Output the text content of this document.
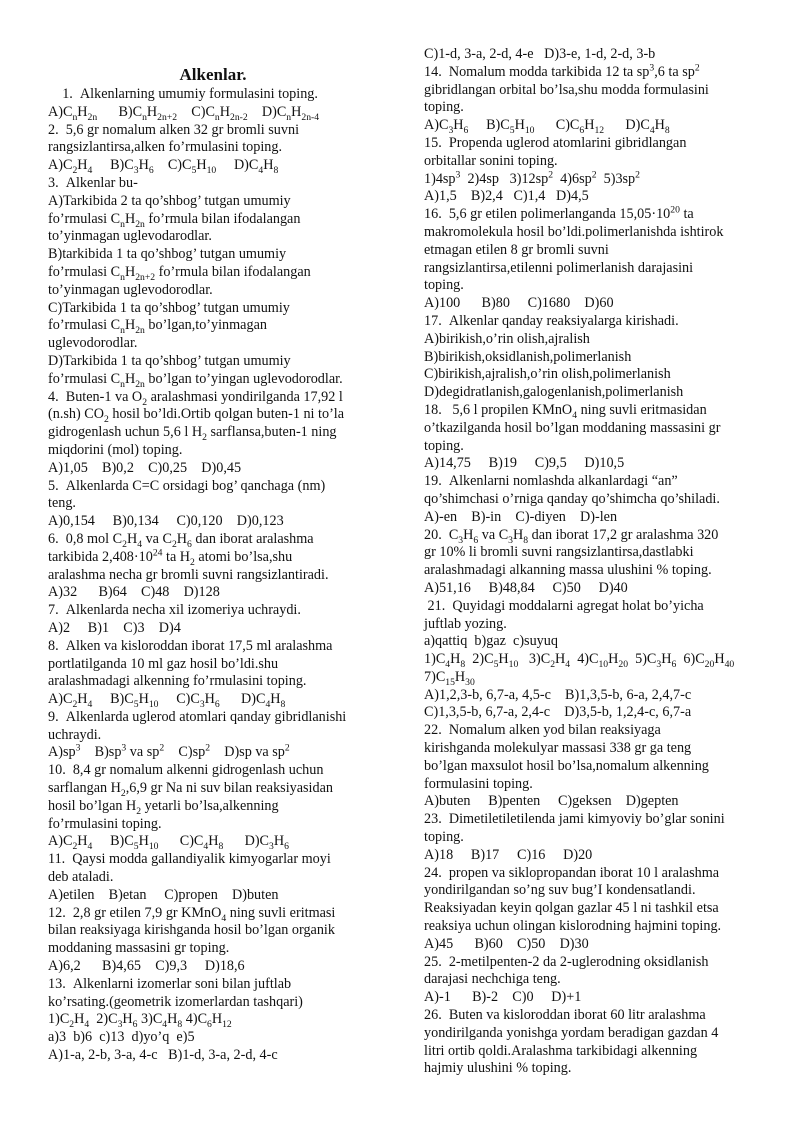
Alkenlar.
1.  Alkenlarning umumiy formulasini toping.
$A)C_nH_{2n}$      $B)C_nH_{2n+2}$    $C)C_nH_{2n-2}$    $D)C_nH_{2n-4}$
2.  5,6 gr nomalum alken 32 gr bromli suvni
rangsizlantirsa,alken fo’rmulasini toping.
$A)C_2H_4$     $B)C_3H_6$    $C)C_5H_{10}$     $D)C_4H_8$
3.  Alkenlar bu-
A)Tarkibida 2 ta qo’shbog’ tutgan umumiy
fo’rmulasi $C_nH_{2n}$ fo’rmula bilan ifodalangan
to’yinmagan uglevodarodlar.
B)tarkibida 1 ta qo’shbog’ tutgan umumiy
fo’rmulasi $C_nH_{2n+2}$ fo’rmula bilan ifodalangan
to’yinmagan uglevodorodlar.
C)Tarkibida 1 ta qo’shbog’ tutgan umumiy
fo’rmulasi $C_nH_{2n}$ bo’lgan,to’yinmagan
uglevodorodlar.
D)Tarkibida 1 ta qo’shbog’ tutgan umumiy
fo’rmulasi $C_nH_{2n}$ bo’lgan to’yingan uglevodorodlar.
4.  Buten-1 va $O_2$ aralashmasi yondirilganda 17,92 l
(n.sh) $CO_2$ hosil bo’ldi.Ortib qolgan buten-1 ni to’la
gidrogenlash uchun 5,6 l $H_2$ sarflansa,buten-1 ning
miqdorini (mol) toping.
A)1,05    B)0,2    C)0,25    D)0,45
5.  Alkenlarda C=C orsidagi bog’ qanchaga (nm)
teng.
A)0,154     B)0,134     C)0,120    D)0,123
6.  0,8 mol $C_2H_4$ va $C_2H_6$ dan iborat aralashma
tarkibida $2,408\cdot 10^{24}$ ta $H_2$ atomi bo’lsa,shu
aralashma necha gr bromli suvni rangsizlantiradi.
A)32      B)64    C)48    D)128
7.  Alkenlarda necha xil izomeriya uchraydi.
A)2     B)1    C)3    D)4
8.  Alken va kisloroddan iborat 17,5 ml aralashma
portlatilganda 10 ml gaz hosil bo’ldi.shu
aralashmadagi alkenning fo’rmulasini toping.
$A)C_2H_4$     $B)C_5H_{10}$     $C)C_3H_6$      $D)C_4H_8$
9.  Alkenlarda uglerod atomlari qanday gibridlanishi
uchraydi.
$A)sp^3$    $B)sp^3$ va $sp^2$    $C)sp^2$    D)sp va $sp^2$
10.  8,4 gr nomalum alkenni gidrogenlash uchun
sarflangan $H_2,6,9$ gr Na ni suv bilan reaksiyasidan
hosil bo’lgan $H_2$ yetarli bo’lsa,alkenning
fo’rmulasini toping.
$A)C_2H_4$     $B)C_5H_{10}$      $C)C_4H_8$      $D)C_3H_6$
11.  Qaysi modda gallandiyalik kimyogarlar moyi
deb ataladi.
A)etilen    B)etan     C)propen    D)buten
12.  2,8 gr etilen 7,9 gr KMnO$_4$ ning suvli eritmasi
bilan reaksiyaga kirishganda hosil bo’lgan organik
moddaning massasini gr toping.
A)6,2      B)4,65    C)9,3     D)18,6
13.  Alkenlarni izomerlar soni bilan juftlab
ko’rsating.(geometrik izomerlardan tashqari)
$1)C_2H_4$  $2)C_3H_6$ $3)C_4H_8$ $4)C_6H_{12}$
a)3  b)6  c)13  d)yo’q  e)5
A)1-a, 2-b, 3-a, 4-c   B)1-d, 3-a, 2-d, 4-c
C)1-d, 3-a, 2-d, 4-e   D)3-e, 1-d, 2-d, 3-b
14.  Nomalum modda tarkibida 12 ta $sp^3,6$ ta $sp^2$
gibridlangan orbital bo’lsa,shu modda formulasini
toping.
$A)C_3H_6$     $B)C_5H_{10}$      $C)C_6H_{12}$      $D)C_4H_8$
15.  Propenda uglerod atomlarini gibridlangan
orbitallar sonini toping.
$1)4sp^3$  2)4sp   $3)12sp^2$  $4)6sp^2$  $5)3sp^2$
A)1,5    B)2,4   C)1,4   D)4,5
16.  5,6 gr etilen polimerlanganda $15,05\cdot 10^{20}$ ta
makromolekula hosil bo’ldi.polimerlanishda ishtirok
etmagan etilen 8 gr bromli suvni
rangsizlantirsa,etilenni polimerlanish darajasini
toping.
A)100      B)80     C)1680    D)60
17.  Alkenlar qanday reaksiyalarga kirishadi.
A)birikish,o’rin olish,ajralish
B)birikish,oksidlanish,polimerlanish
C)birikish,ajralish,o’rin olish,polimerlanish
D)degidratlanish,galogenlanish,polimerlanish
18.   5,6 l propilen KMnO$_4$ ning suvli eritmasidan
o’tkazilganda hosil bo’lgan moddaning massasini gr
toping.
A)14,75     B)19     C)9,5     D)10,5
19.  Alkenlarni nomlashda alkanlardagi “an”
qo’shimchasi o’rniga qanday qo’shimcha qo’shiladi.
A)-en    B)-in    C)-diyen    D)-len
20.  $C_3H_6$ va $C_3H_8$ dan iborat 17,2 gr aralashma 320
gr 10% li bromli suvni rangsizlantirsa,dastlabki
aralashmadagi alkanning massa ulushini % toping.
A)51,16     B)48,84     C)50     D)40
21.  Quyidagi moddalarni agregat holat bo’yicha
juftlab yozing.
a)qattiq  b)gaz  c)suyuq
$1)C_4H_8$  $2)C_5H_{10}$   $3)C_2H_4$  $4)C_{10}H_{20}$  $5)C_3H_6$  $6)C_{20}H_{40}$
$7)C_{15}H_{30}$
A)1,2,3-b, 6,7-a, 4,5-c    B)1,3,5-b, 6-a, 2,4,7-c
C)1,3,5-b, 6,7-a, 2,4-c    D)3,5-b, 1,2,4-c, 6,7-a
22.  Nomalum alken yod bilan reaksiyaga
kirishganda molekulyar massasi 338 gr ga teng
bo’lgan maxsulot hosil bo’lsa,nomalum alkenning
formulasini toping.
A)buten     B)penten     C)geksen    D)gepten
23.  Dimetiletiletilenda jami kimyoviy bo’glar sonini
toping.
A)18     B)17     C)16     D)20
24.  propen va siklopropandan iborat 10 l aralashma
yondirilgandan so’ng suv bug’I kondensatlandi.
Reaksiyadan keyin qolgan gazlar 45 l ni tashkil etsa
reaksiya uchun olingan kislorodning hajmini toping.
A)45      B)60    C)50    D)30
25.  2-metilpenten-2 da 2-uglerodning oksidlanish
darajasi nechchiga teng.
A)-1      B)-2    C)0     D)+1
26.  Buten va kisloroddan iborat 60 litr aralashma
yondirilganda yonishga yordam beradigan gazdan 4
litri ortib qoldi.Aralashma tarkibidagi alkenning
hajmiy ulushini % toping.
